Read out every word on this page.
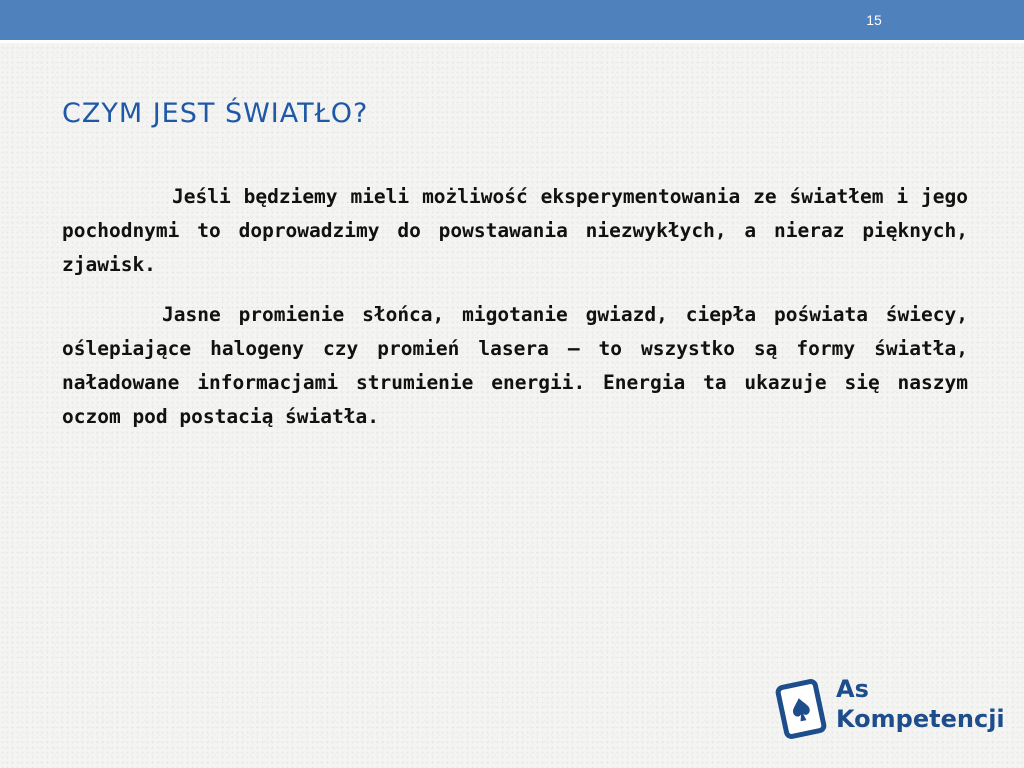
15
CZYM JEST ŚWIATŁO?

Jeśli będziemy mieli możliwość eksperymentowania ze światłem i jego pochodnymi to doprowadzimy do powstawania niezwykłych, a nieraz pięknych, zjawisk.

Jasne promienie słońca, migotanie gwiazd, ciepła poświata świecy, oślepiające halogeny czy promień lasera – to wszystko są formy światła, naładowane informacjami strumienie energii. Energia ta ukazuje się naszym oczom pod postacią światła.

As
Kompetencji
